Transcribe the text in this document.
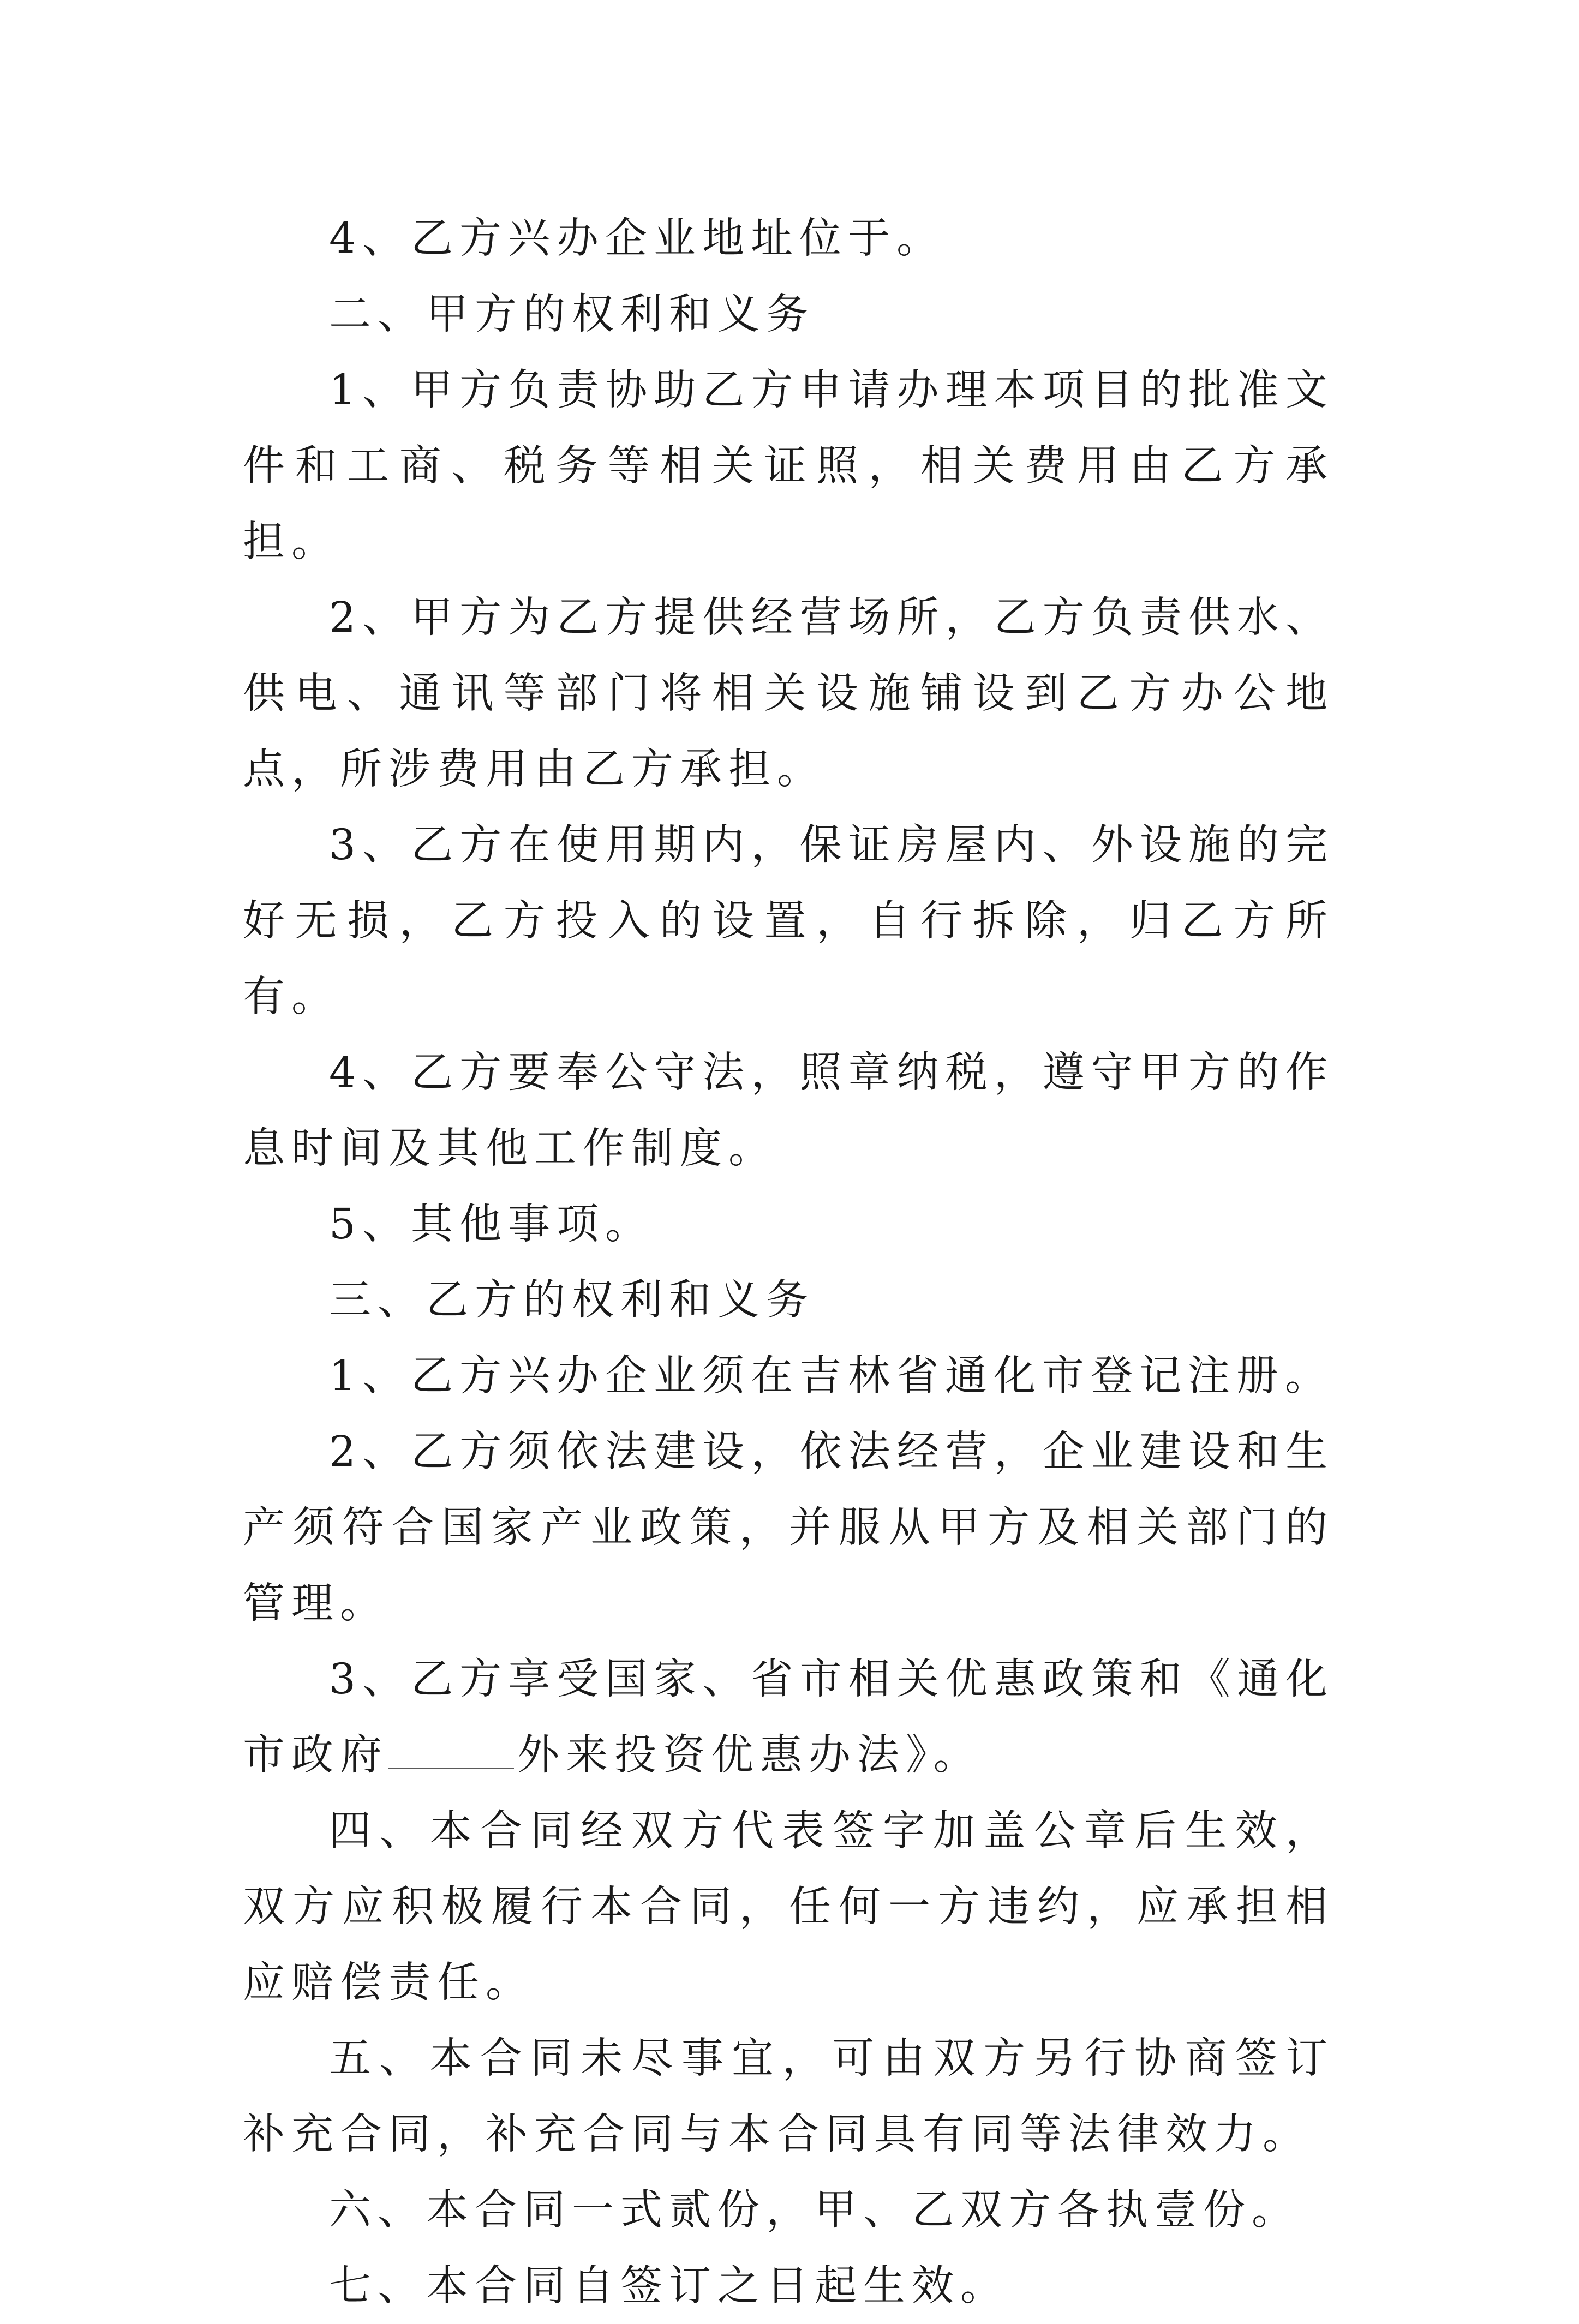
4、乙方兴办企业地址位于。

二、甲方的权利和义务

1、甲方负责协助乙方申请办理本项目的批准文件和工商、税务等相关证照，相关费用由乙方承担。

2、甲方为乙方提供经营场所，乙方负责供水、供电、通讯等部门将相关设施铺设到乙方办公地点，所涉费用由乙方承担。

3、乙方在使用期内，保证房屋内、外设施的完好无损，乙方投入的设置，自行拆除，归乙方所有。

4、乙方要奉公守法，照章纳税，遵守甲方的作息时间及其他工作制度。

5、其他事项。

三、乙方的权利和义务

1、乙方兴办企业须在吉林省通化市登记注册。

2、乙方须依法建设，依法经营，企业建设和生产须符合国家产业政策，并服从甲方及相关部门的管理。

3、乙方享受国家、省市相关优惠政策和《通化市政府	外来投资优惠办法》。

四、本合同经双方代表签字加盖公章后生效，双方应积极履行本合同，任何一方违约，应承担相应赔偿责任。

五、本合同未尽事宜，可由双方另行协商签订补充合同，补充合同与本合同具有同等法律效力。

六、本合同一式贰份，甲、乙双方各执壹份。

七、本合同自签订之日起生效。
